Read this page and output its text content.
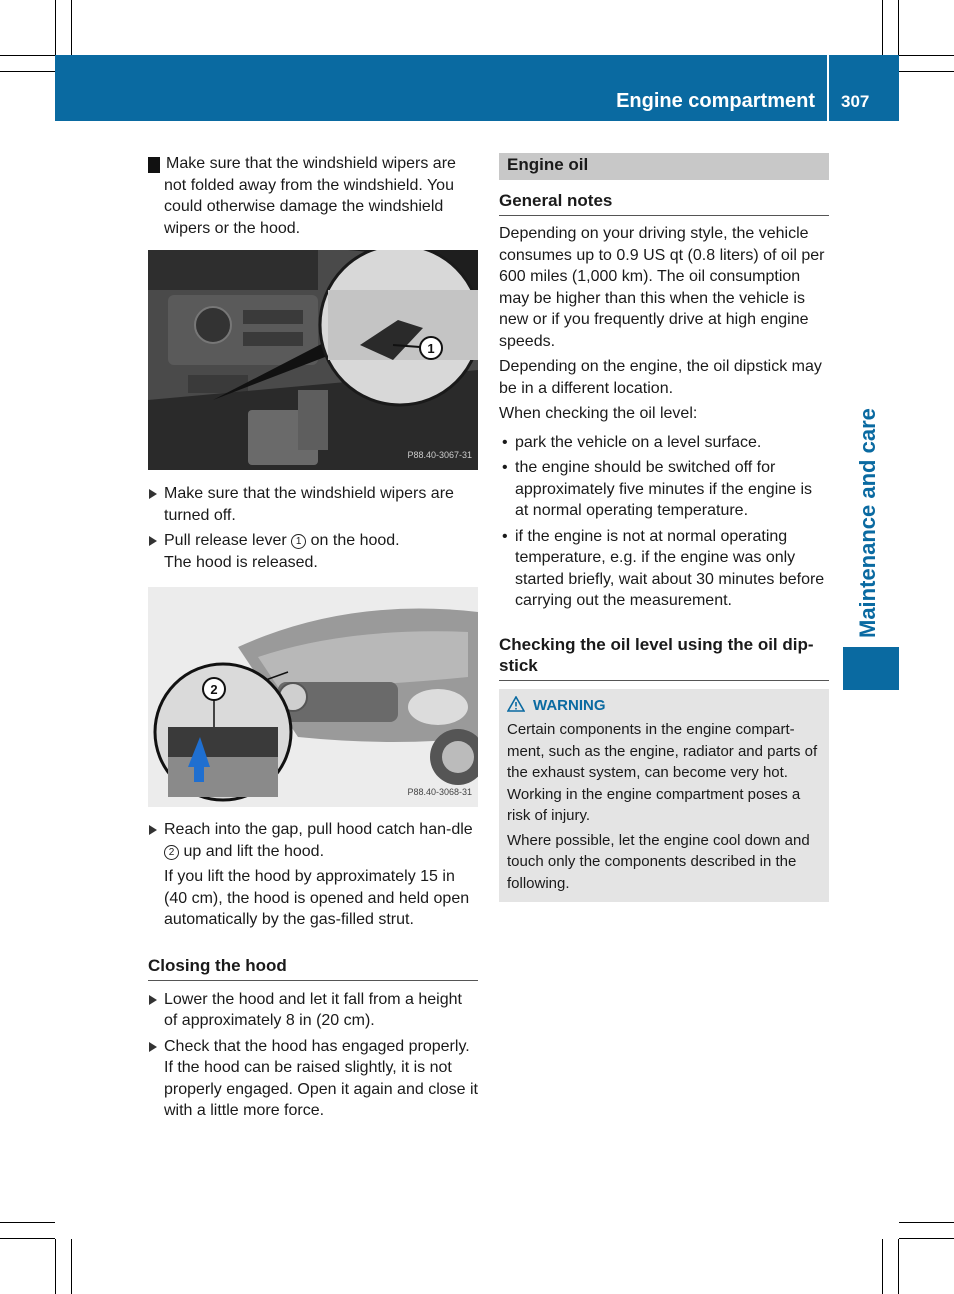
Engine compartment 307
Maintenance and care

! Make sure that the windshield wipers are not folded away from the windshield. You could otherwise damage the windshield wipers or the hood.

1
P88.40-3067-31
Make sure that the windshield wipers are turned off.
Pull release lever 1 on the hood.
The hood is released.
2
P88.40-3068-31
Reach into the gap, pull hood catch han-dle 2 up and lift the hood.

If you lift the hood by approximately 15 in (40 cm), the hood is opened and held open automatically by the gas-filled strut.

Closing the hood
Lower the hood and let it fall from a height of approximately 8 in (20 cm).
Check that the hood has engaged properly.
If the hood can be raised slightly, it is not properly engaged. Open it again and close it with a little more force.
Engine oil
General notes

Depending on your driving style, the vehicle consumes up to 0.9 US qt (0.8 liters) of oil per 600 miles (1,000 km). The oil consumption may be higher than this when the vehicle is new or if you frequently drive at high engine speeds.

Depending on the engine, the oil dipstick may be in a different location.

When checking the oil level:

• park the vehicle on a level surface.
• the engine should be switched off for approximately five minutes if the engine is at normal operating temperature.
• if the engine is not at normal operating temperature, e.g. if the engine was only started briefly, wait about 30 minutes before carrying out the measurement.
Checking the oil level using the oil dip-stick
WARNING

Certain components in the engine compart-ment, such as the engine, radiator and parts of the exhaust system, can become very hot. Working in the engine compartment poses a risk of injury.

Where possible, let the engine cool down and touch only the components described in the following.
